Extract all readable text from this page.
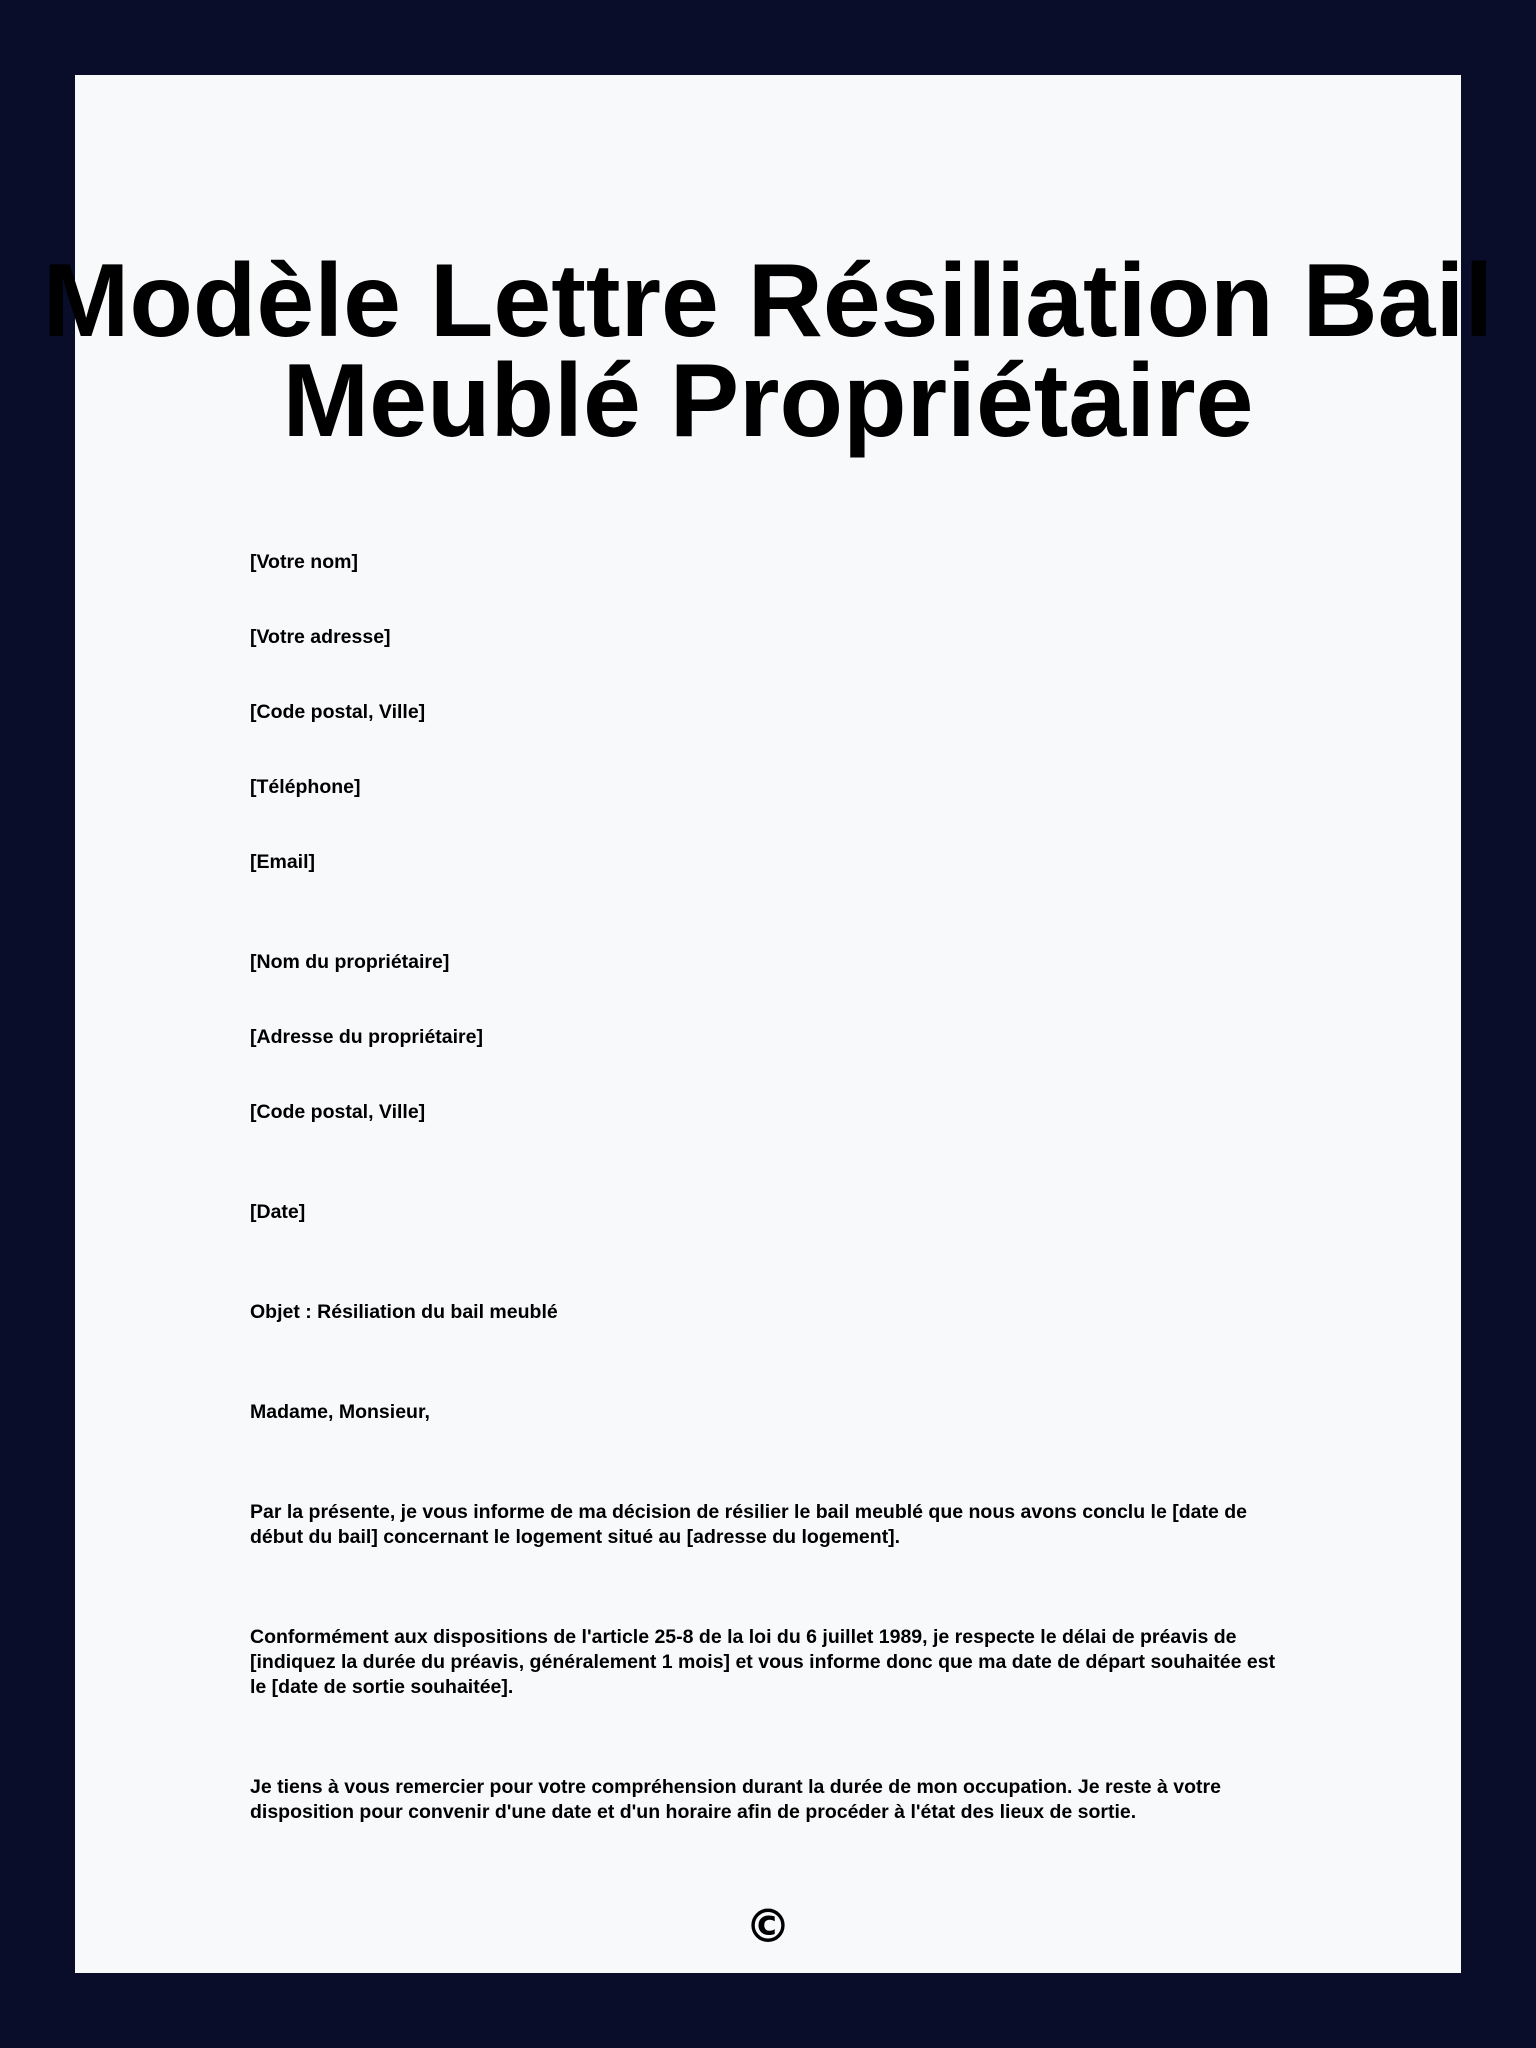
Modèle Lettre Résiliation Bail
Meublé Propriétaire

[Votre nom]

[Votre adresse]

[Code postal, Ville]

[Téléphone]

[Email]

[Nom du propriétaire]

[Adresse du propriétaire]

[Code postal, Ville]

[Date]

Objet : Résiliation du bail meublé

Madame, Monsieur,

Par la présente, je vous informe de ma décision de résilier le bail meublé que nous avons conclu le [date de début du bail] concernant le logement situé au [adresse du logement].

Conformément aux dispositions de l'article 25-8 de la loi du 6 juillet 1989, je respecte le délai de préavis de [indiquez la durée du préavis, généralement 1 mois] et vous informe donc que ma date de départ souhaitée est le [date de sortie souhaitée].

Je tiens à vous remercier pour votre compréhension durant la durée de mon occupation. Je reste à votre disposition pour convenir d'une date et d'un horaire afin de procéder à l'état des lieux de sortie.

©
